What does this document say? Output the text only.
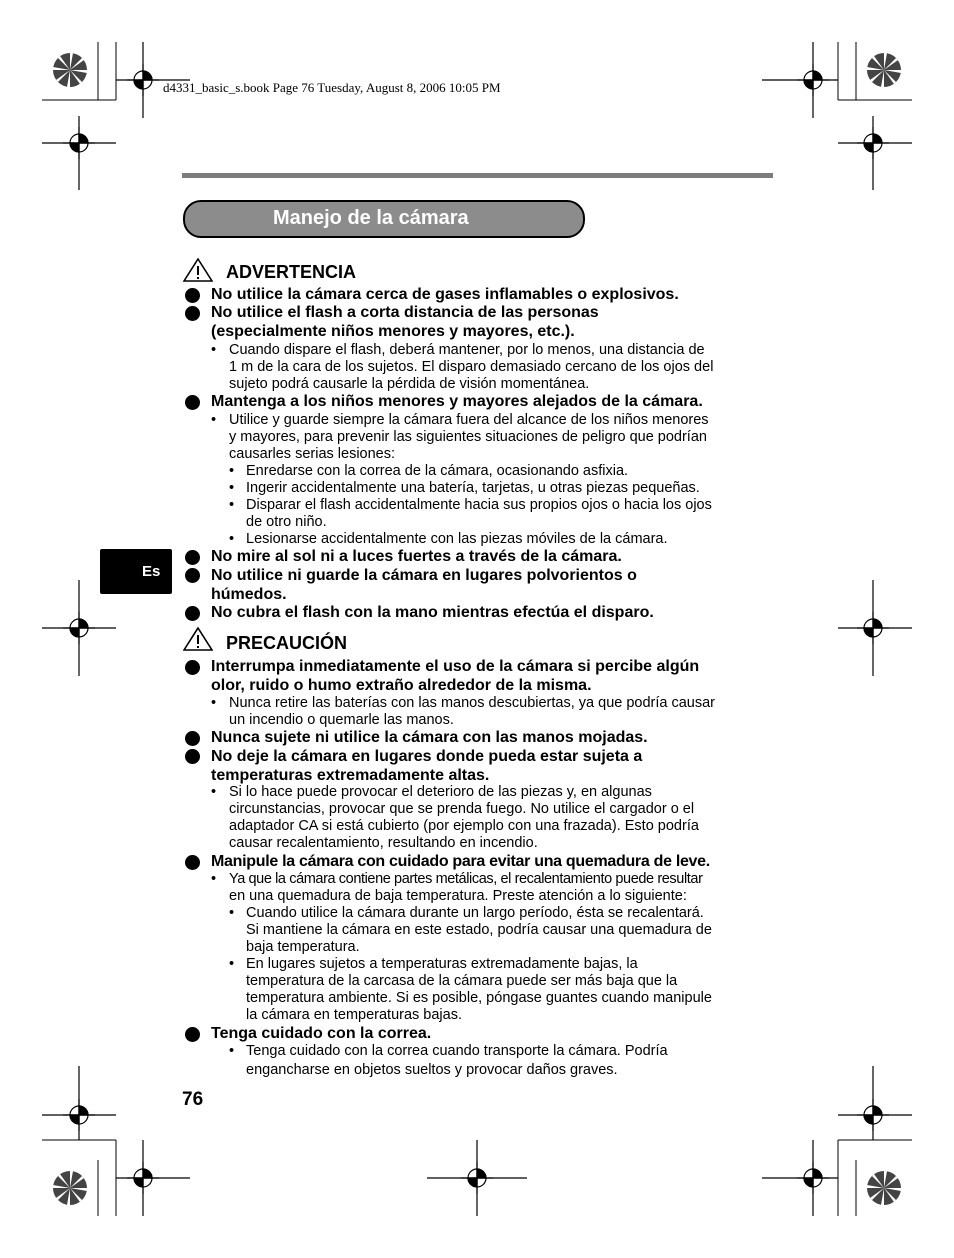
d4331_basic_s.book Page 76 Tuesday, August 8, 2006 10:05 PM
Manejo de la cámara
Es
ADVERTENCIA
No utilice la cámara cerca de gases inflamables o explosivos.
No utilice el flash a corta distancia de las personas
(especialmente niños menores y mayores, etc.).
• Cuando dispare el flash, deberá mantener, por lo menos, una distancia de
1 m de la cara de los sujetos. El disparo demasiado cercano de los ojos del
sujeto podrá causarle la pérdida de visión momentánea.
Mantenga a los niños menores y mayores alejados de la cámara.
• Utilice y guarde siempre la cámara fuera del alcance de los niños menores
y mayores, para prevenir las siguientes situaciones de peligro que podrían
causarles serias lesiones:
• Enredarse con la correa de la cámara, ocasionando asfixia.
• Ingerir accidentalmente una batería, tarjetas, u otras piezas pequeñas.
• Disparar el flash accidentalmente hacia sus propios ojos o hacia los ojos
de otro niño.
• Lesionarse accidentalmente con las piezas móviles de la cámara.
No mire al sol ni a luces fuertes a través de la cámara.
No utilice ni guarde la cámara en lugares polvorientos o
húmedos.
No cubra el flash con la mano mientras efectúa el disparo.
PRECAUCIÓN
Interrumpa inmediatamente el uso de la cámara si percibe algún
olor, ruido o humo extraño alrededor de la misma.
• Nunca retire las baterías con las manos descubiertas, ya que podría causar
un incendio o quemarle las manos.
Nunca sujete ni utilice la cámara con las manos mojadas.
No deje la cámara en lugares donde pueda estar sujeta a
temperaturas extremadamente altas.
• Si lo hace puede provocar el deterioro de las piezas y, en algunas
circunstancias, provocar que se prenda fuego. No utilice el cargador o el
adaptador CA si está cubierto (por ejemplo con una frazada). Esto podría
causar recalentamiento, resultando en incendio.
Manipule la cámara con cuidado para evitar una quemadura de leve.
• Ya que la cámara contiene partes metálicas, el recalentamiento puede resultar
en una quemadura de baja temperatura. Preste atención a lo siguiente:
• Cuando utilice la cámara durante un largo período, ésta se recalentará.
Si mantiene la cámara en este estado, podría causar una quemadura de
baja temperatura.
• En lugares sujetos a temperaturas extremadamente bajas, la
temperatura de la carcasa de la cámara puede ser más baja que la
temperatura ambiente. Si es posible, póngase guantes cuando manipule
la cámara en temperaturas bajas.
Tenga cuidado con la correa.
• Tenga cuidado con la correa cuando transporte la cámara. Podría
engancharse en objetos sueltos y provocar daños graves.
76
